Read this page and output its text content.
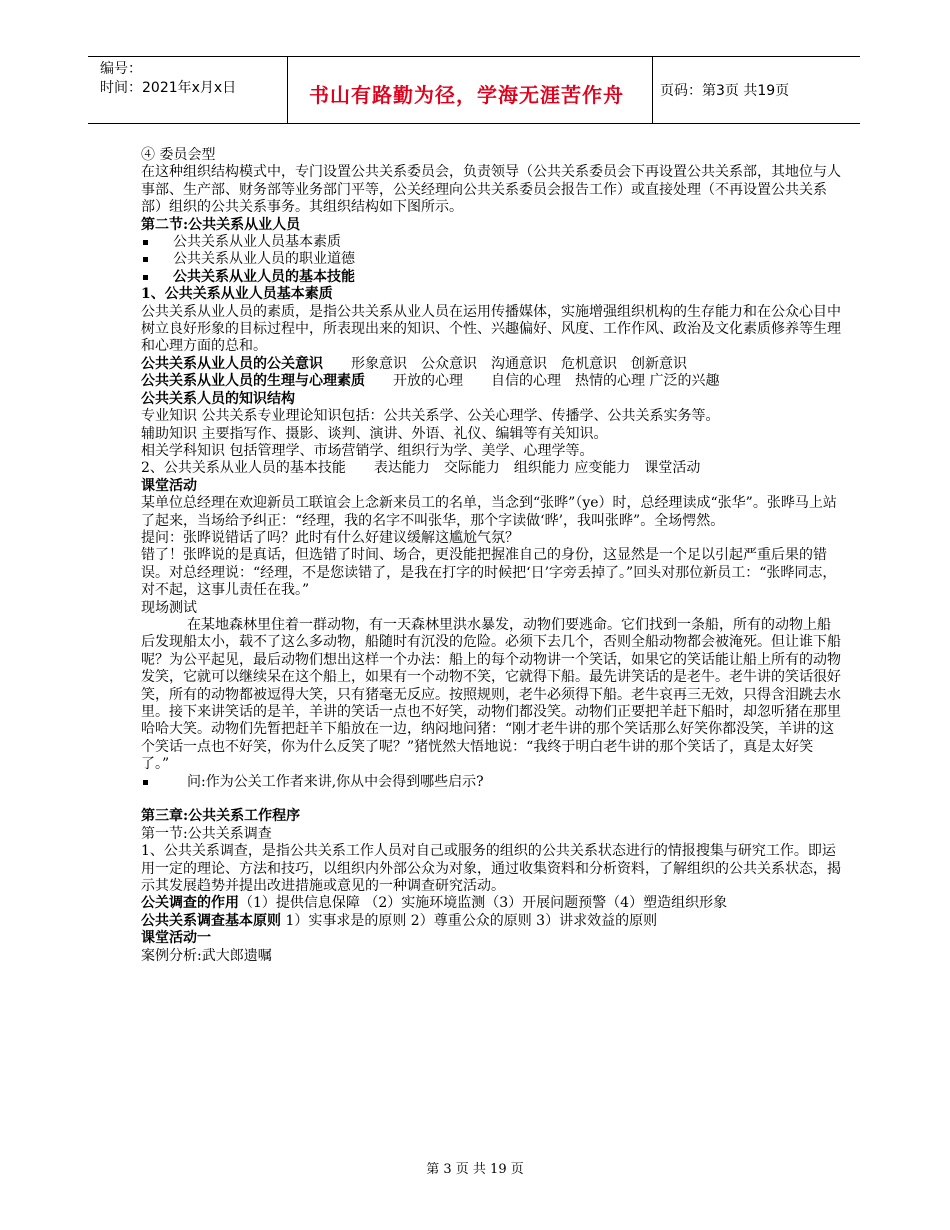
编号：
时间：2021年x月x日	书山有路勤为径，学海无涯苦作舟	页码：第3页 共19页

④ 委员会型

在这种组织结构模式中，专门设置公共关系委员会，负责领导（公共关系委员会下再设置公共关系部，其地位与人事部、生产部、财务部等业务部门平等，公关经理向公共关系委员会报告工作）或直接处理（不再设置公共关系部）组织的公共关系事务。其组织结构如下图所示。

第二节:公共关系从业人员

公共关系从业人员基本素质

公共关系从业人员的职业道德

公共关系从业人员的基本技能

1、公共关系从业人员基本素质

公共关系从业人员的素质，是指公共关系从业人员在运用传播媒体，实施增强组织机构的生存能力和在公众心目中树立良好形象的目标过程中，所表现出来的知识、个性、兴趣偏好、风度、工作作风、政治及文化素质修养等生理和心理方面的总和。

公共关系从业人员的公关意识 形象意识 公众意识 沟通意识 危机意识 创新意识

公共关系从业人员的生理与心理素质 开放的心理 自信的心理 热情的心理 广泛的兴趣

公共关系人员的知识结构

专业知识 公共关系专业理论知识包括：公共关系学、公关心理学、传播学、公共关系实务等。

辅助知识 主要指写作、摄影、谈判、演讲、外语、礼仪、编辑等有关知识。

相关学科知识 包括管理学、市场营销学、组织行为学、美学、心理学等。

2、公共关系从业人员的基本技能 表达能力 交际能力 组织能力 应变能力 课堂活动

课堂活动

某单位总经理在欢迎新员工联谊会上念新来员工的名单，当念到“张晔”（ye）时，总经理读成“张华”。张晔马上站了起来，当场给予纠正：“经理，我的名字不叫张华，那个字读做‘晔’，我叫张晔”。全场愕然。

提问：张晔说错话了吗？此时有什么好建议缓解这尴尬气氛？

错了！张晔说的是真话，但选错了时间、场合，更没能把握准自己的身份，这显然是一个足以引起严重后果的错误。对总经理说：“经理，不是您读错了，是我在打字的时候把‘日’字旁丢掉了。”回头对那位新员工：“张晔同志，对不起，这事儿责任在我。”

现场测试

在某地森林里住着一群动物，有一天森林里洪水暴发，动物们要逃命。它们找到一条船，所有的动物上船后发现船太小，载不了这么多动物，船随时有沉没的危险。必须下去几个，否则全船动物都会被淹死。但让谁下船呢？为公平起见，最后动物们想出这样一个办法：船上的每个动物讲一个笑话，如果它的笑话能让船上所有的动物发笑，它就可以继续呆在这个船上，如果有一个动物不笑，它就得下船。最先讲笑话的是老牛。老牛讲的笑话很好笑，所有的动物都被逗得大笑，只有猪毫无反应。按照规则，老牛必须得下船。老牛哀再三无效，只得含泪跳去水里。接下来讲笑话的是羊，羊讲的笑话一点也不好笑，动物们都没笑。动物们正要把羊赶下船时，却忽听猪在那里哈哈大笑。动物们先暂把赶羊下船放在一边，纳闷地问猪：“刚才老牛讲的那个笑话那么好笑你都没笑，羊讲的这个笑话一点也不好笑，你为什么反笑了呢？”猪恍然大悟地说：“我终于明白老牛讲的那个笑话了，真是太好笑了。”

问:作为公关工作者来讲,你从中会得到哪些启示?

第三章:公共关系工作程序

第一节:公共关系调查

1、公共关系调查，是指公共关系工作人员对自己或服务的组织的公共关系状态进行的情报搜集与研究工作。即运用一定的理论、方法和技巧，以组织内外部公众为对象，通过收集资料和分析资料，了解组织的公共关系状态，揭示其发展趋势并提出改进措施或意见的一种调查研究活动。

公关调查的作用（1）提供信息保障 （2）实施环境监测（3）开展问题预警（4）塑造组织形象

公共关系调查基本原则 1）实事求是的原则 2）尊重公众的原则 3）讲求效益的原则

课堂活动一

案例分析:武大郎遗嘱

第 3 页 共 19 页
